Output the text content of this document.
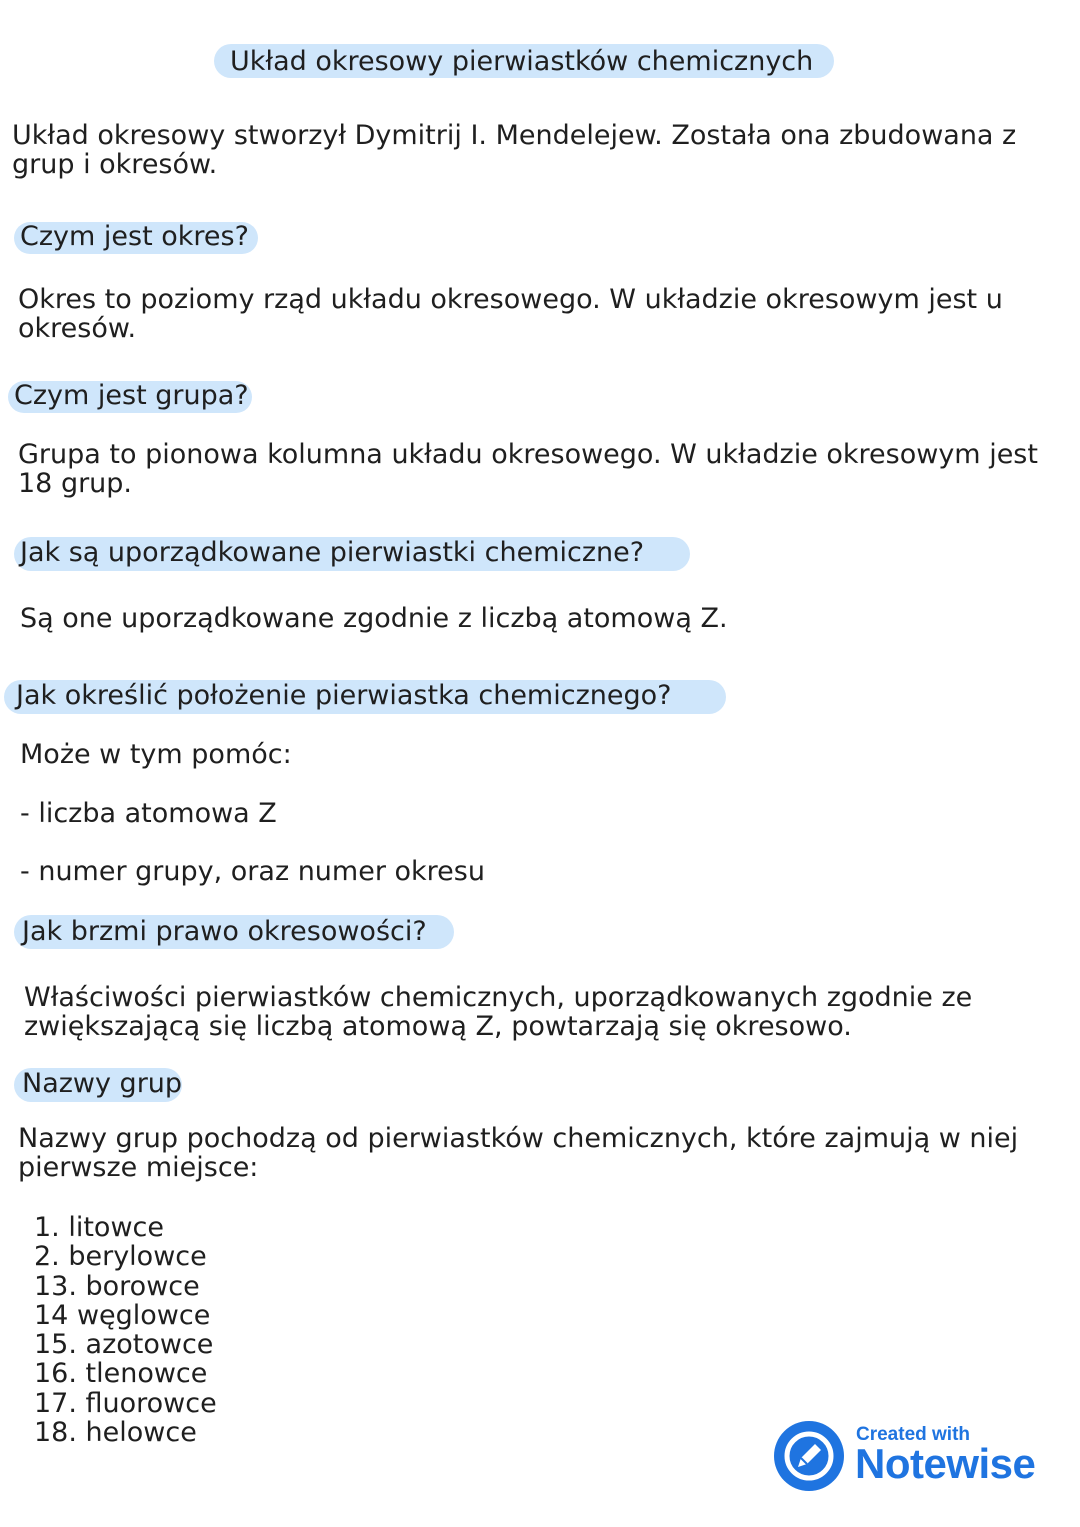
Układ okresowy pierwiastków chemicznych
Układ okresowy stworzył Dymitrij I. Mendelejew. Została ona zbudowana z
grup i okresów.
Czym jest okres?
Okres to poziomy rząd układu okresowego. W układzie okresowym jest u
okresów.
Czym jest grupa?
Grupa to pionowa kolumna układu okresowego. W układzie okresowym jest
18 grup.
Jak są uporządkowane pierwiastki chemiczne?
Są one uporządkowane zgodnie z liczbą atomową Z.
Jak określić położenie pierwiastka chemicznego?
Może w tym pomóc:
- liczba atomowa Z
- numer grupy, oraz numer okresu
Jak brzmi prawo okresowości?
Właściwości pierwiastków chemicznych, uporządkowanych zgodnie ze
zwiększającą się liczbą atomową Z, powtarzają się okresowo.
Nazwy grup
Nazwy grup pochodzą od pierwiastków chemicznych, które zajmują w niej
pierwsze miejsce:
1. litowce
2. berylowce
13. borowce
14 węglowce
15. azotowce
16. tlenowce
17. fluorowce
18. helowce	Created with
Notewise
